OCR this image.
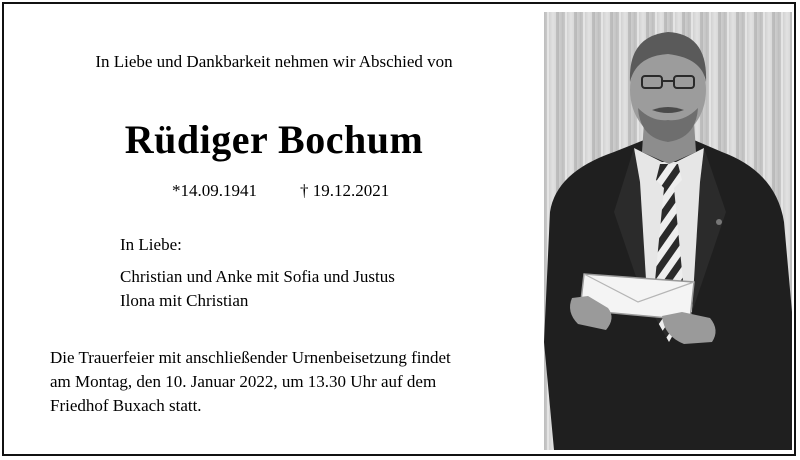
In Liebe und Dankbarkeit nehmen wir Abschied von
Rüdiger Bochum
*14.09.1941	† 19.12.2021
In Liebe:
Christian und Anke mit Sofia und Justus
Ilona mit Christian
Die Trauerfeier mit anschließender Urnenbeisetzung findet
am Montag, den 10. Januar 2022, um 13.30 Uhr auf dem
Friedhof Buxach statt.
